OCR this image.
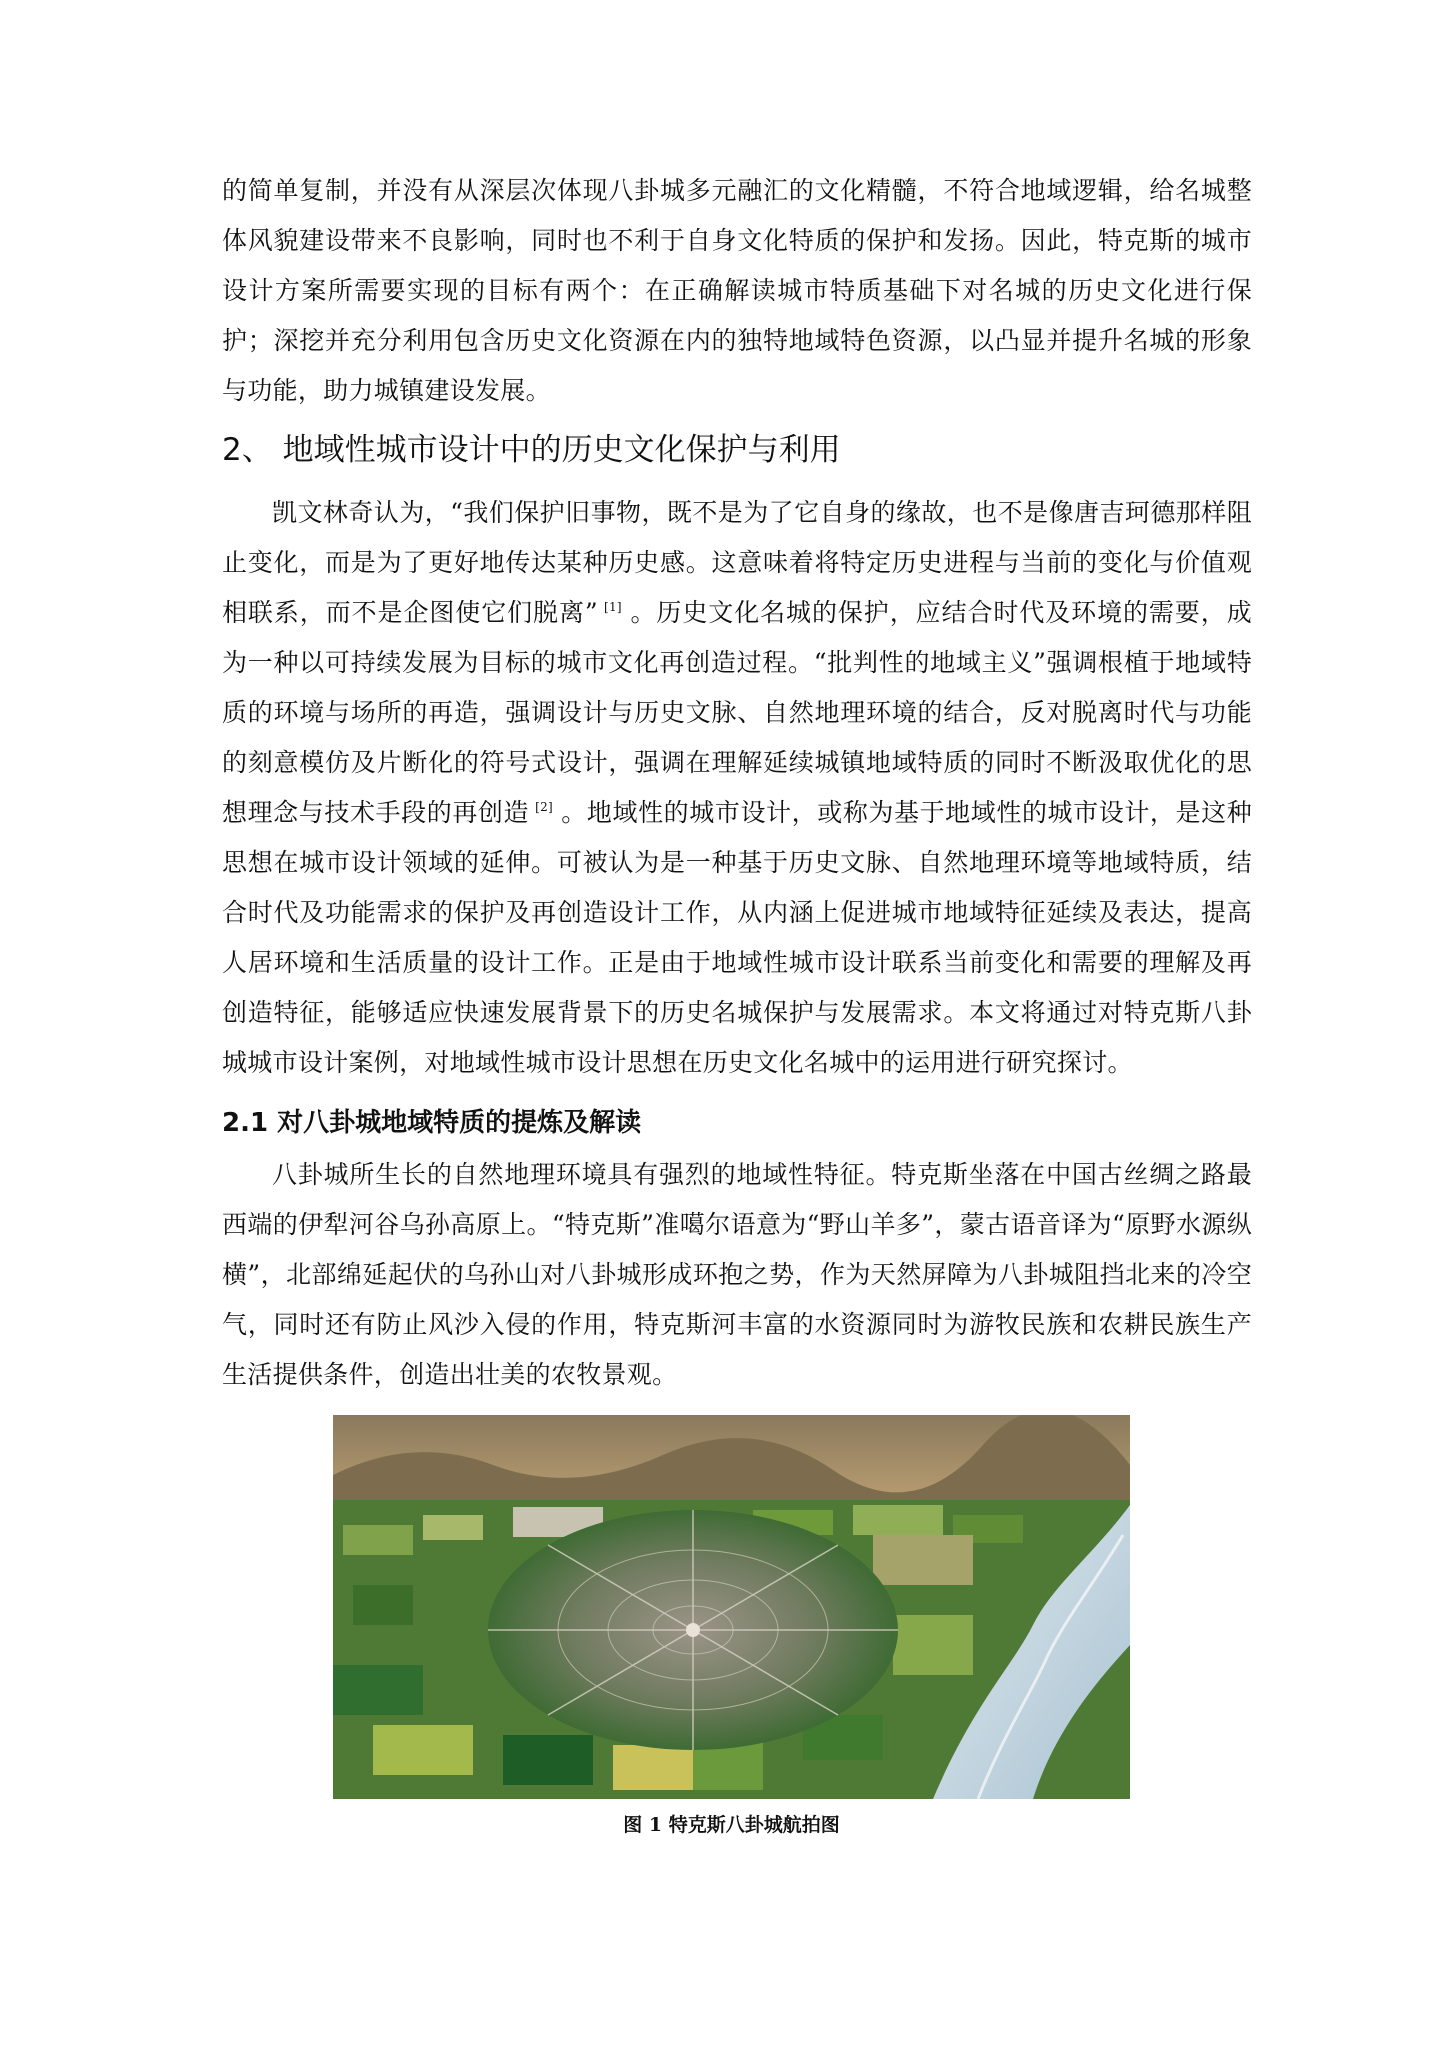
的简单复制，并没有从深层次体现八卦城多元融汇的文化精髓，不符合地域逻辑，给名城整体风貌建设带来不良影响，同时也不利于自身文化特质的保护和发扬。因此，特克斯的城市设计方案所需要实现的目标有两个：在正确解读城市特质基础下对名城的历史文化进行保护；深挖并充分利用包含历史文化资源在内的独特地域特色资源，以凸显并提升名城的形象与功能，助力城镇建设发展。

2、 地域性城市设计中的历史文化保护与利用

凯文林奇认为，“我们保护旧事物，既不是为了它自身的缘故，也不是像唐吉珂德那样阻止变化，而是为了更好地传达某种历史感。这意味着将特定历史进程与当前的变化与价值观相联系，而不是企图使它们脱离” [1] 。历史文化名城的保护，应结合时代及环境的需要，成为一种以可持续发展为目标的城市文化再创造过程。“批判性的地域主义”强调根植于地域特质的环境与场所的再造，强调设计与历史文脉、自然地理环境的结合，反对脱离时代与功能的刻意模仿及片断化的符号式设计，强调在理解延续城镇地域特质的同时不断汲取优化的思想理念与技术手段的再创造 [2] 。地域性的城市设计，或称为基于地域性的城市设计，是这种思想在城市设计领域的延伸。可被认为是一种基于历史文脉、自然地理环境等地域特质，结合时代及功能需求的保护及再创造设计工作，从内涵上促进城市地域特征延续及表达，提高人居环境和生活质量的设计工作。正是由于地域性城市设计联系当前变化和需要的理解及再创造特征，能够适应快速发展背景下的历史名城保护与发展需求。本文将通过对特克斯八卦城城市设计案例，对地域性城市设计思想在历史文化名城中的运用进行研究探讨。

2.1 对八卦城地域特质的提炼及解读

八卦城所生长的自然地理环境具有强烈的地域性特征。特克斯坐落在中国古丝绸之路最西端的伊犁河谷乌孙高原上。“特克斯”准噶尔语意为“野山羊多”，蒙古语音译为“原野水源纵横”，北部绵延起伏的乌孙山对八卦城形成环抱之势，作为天然屏障为八卦城阻挡北来的冷空气，同时还有防止风沙入侵的作用，特克斯河丰富的水资源同时为游牧民族和农耕民族生产生活提供条件，创造出壮美的农牧景观。

图 1 特克斯八卦城航拍图
